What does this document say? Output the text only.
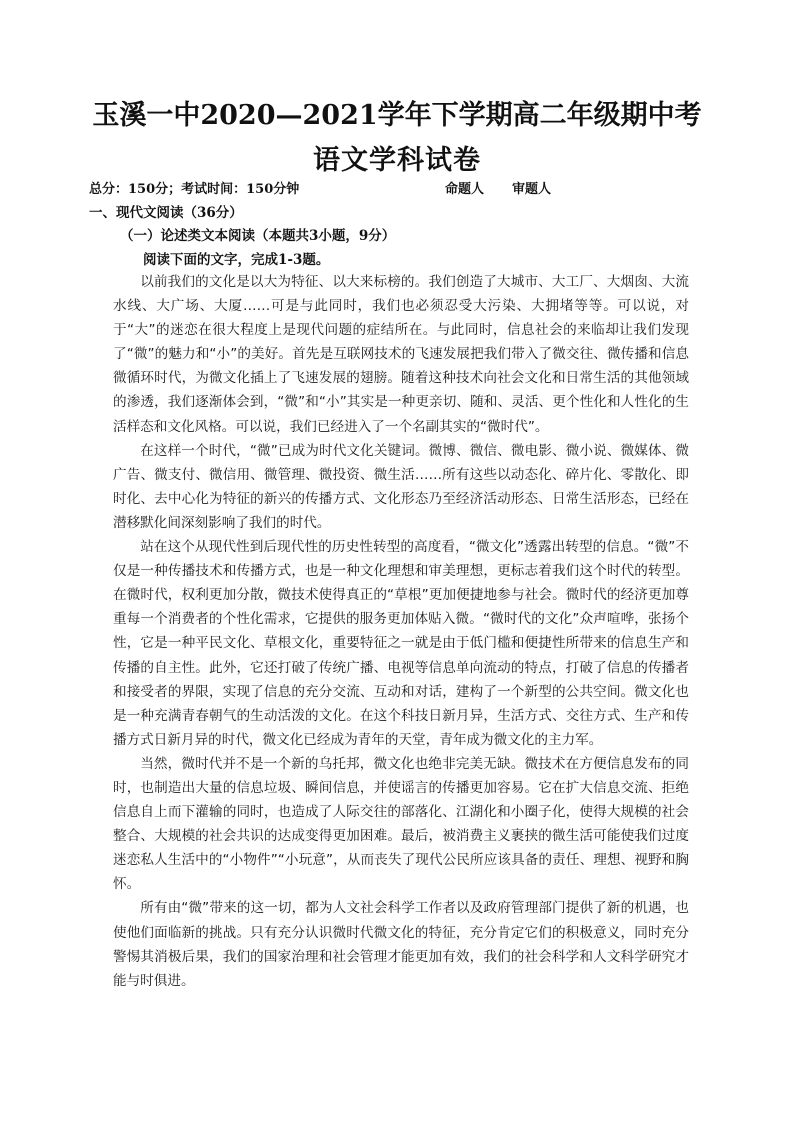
玉溪一中2020—2021学年下学期高二年级期中考
语文学科试卷
总分：150分；考试时间：150分钟	命题人 审题人
一、现代文阅读（36分）
（一）论述类文本阅读（本题共3小题，9分）
阅读下面的文字，完成1-3题。

以前我们的文化是以大为特征、以大来标榜的。我们创造了大城市、大工厂、大烟囱、大流水线、大广场、大厦……可是与此同时，我们也必须忍受大污染、大拥堵等等。可以说，对于“大”的迷恋在很大程度上是现代问题的症结所在。与此同时，信息社会的来临却让我们发现了“微”的魅力和“小”的美好。首先是互联网技术的飞速发展把我们带入了微交往、微传播和信息微循环时代，为微文化插上了飞速发展的翅膀。随着这种技术向社会文化和日常生活的其他领域的渗透，我们逐渐体会到，“微”和“小”其实是一种更亲切、随和、灵活、更个性化和人性化的生活样态和文化风格。可以说，我们已经进入了一个名副其实的“微时代”。

在这样一个时代，“微”已成为时代文化关键词。微博、微信、微电影、微小说、微媒体、微广告、微支付、微信用、微管理、微投资、微生活……所有这些以动态化、碎片化、零散化、即时化、去中心化为特征的新兴的传播方式、文化形态乃至经济活动形态、日常生活形态，已经在潜移默化间深刻影响了我们的时代。

站在这个从现代性到后现代性的历史性转型的高度看，“微文化”透露出转型的信息。“微”不仅是一种传播技术和传播方式，也是一种文化理想和审美理想，更标志着我们这个时代的转型。在微时代，权利更加分散，微技术使得真正的“草根”更加便捷地参与社会。微时代的经济更加尊重每一个消费者的个性化需求，它提供的服务更加体贴入微。“微时代的文化”众声喧哗，张扬个性，它是一种平民文化、草根文化，重要特征之一就是由于低门槛和便捷性所带来的信息生产和传播的自主性。此外，它还打破了传统广播、电视等信息单向流动的特点，打破了信息的传播者和接受者的界限，实现了信息的充分交流、互动和对话，建构了一个新型的公共空间。微文化也是一种充满青春朝气的生动活泼的文化。在这个科技日新月异，生活方式、交往方式、生产和传播方式日新月异的时代，微文化已经成为青年的天堂，青年成为微文化的主力军。

当然，微时代并不是一个新的乌托邦，微文化也绝非完美无缺。微技术在方便信息发布的同时，也制造出大量的信息垃圾、瞬间信息，并使谣言的传播更加容易。它在扩大信息交流、拒绝信息自上而下灌输的同时，也造成了人际交往的部落化、江湖化和小圈子化，使得大规模的社会整合、大规模的社会共识的达成变得更加困难。最后，被消费主义裹挟的微生活可能使我们过度迷恋私人生活中的“小物件”“小玩意”，从而丧失了现代公民所应该具备的责任、理想、视野和胸怀。

所有由“微”带来的这一切，都为人文社会科学工作者以及政府管理部门提供了新的机遇，也使他们面临新的挑战。只有充分认识微时代微文化的特征，充分肯定它们的积极意义，同时充分警惕其消极后果，我们的国家治理和社会管理才能更加有效，我们的社会科学和人文科学研究才能与时俱进。
